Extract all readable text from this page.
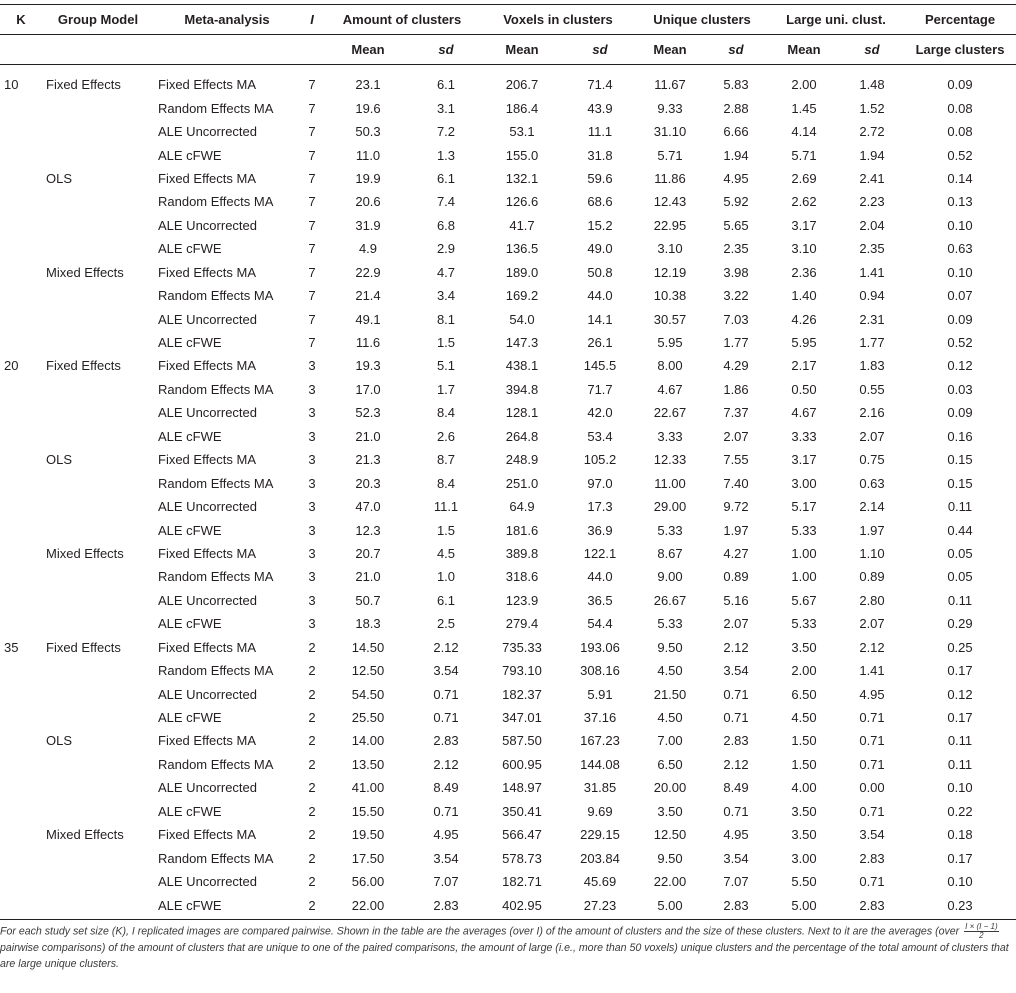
K	Group Model	Meta-analysis	I	Amount of clusters		Voxels in clusters		Unique clusters		Large uni. clust.		Percentage
				Mean	sd	Mean	sd	Mean	sd	Mean	sd	Large clusters
10	Fixed Effects	Fixed Effects MA	7	23.1	6.1	206.7	71.4	11.67	5.83	2.00	1.48	0.09
		Random Effects MA	7	19.6	3.1	186.4	43.9	9.33	2.88	1.45	1.52	0.08
		ALE Uncorrected	7	50.3	7.2	53.1	11.1	31.10	6.66	4.14	2.72	0.08
		ALE cFWE	7	11.0	1.3	155.0	31.8	5.71	1.94	5.71	1.94	0.52
	OLS	Fixed Effects MA	7	19.9	6.1	132.1	59.6	11.86	4.95	2.69	2.41	0.14
		Random Effects MA	7	20.6	7.4	126.6	68.6	12.43	5.92	2.62	2.23	0.13
		ALE Uncorrected	7	31.9	6.8	41.7	15.2	22.95	5.65	3.17	2.04	0.10
		ALE cFWE	7	4.9	2.9	136.5	49.0	3.10	2.35	3.10	2.35	0.63
	Mixed Effects	Fixed Effects MA	7	22.9	4.7	189.0	50.8	12.19	3.98	2.36	1.41	0.10
		Random Effects MA	7	21.4	3.4	169.2	44.0	10.38	3.22	1.40	0.94	0.07
		ALE Uncorrected	7	49.1	8.1	54.0	14.1	30.57	7.03	4.26	2.31	0.09
		ALE cFWE	7	11.6	1.5	147.3	26.1	5.95	1.77	5.95	1.77	0.52
20	Fixed Effects	Fixed Effects MA	3	19.3	5.1	438.1	145.5	8.00	4.29	2.17	1.83	0.12
		Random Effects MA	3	17.0	1.7	394.8	71.7	4.67	1.86	0.50	0.55	0.03
		ALE Uncorrected	3	52.3	8.4	128.1	42.0	22.67	7.37	4.67	2.16	0.09
		ALE cFWE	3	21.0	2.6	264.8	53.4	3.33	2.07	3.33	2.07	0.16
	OLS	Fixed Effects MA	3	21.3	8.7	248.9	105.2	12.33	7.55	3.17	0.75	0.15
		Random Effects MA	3	20.3	8.4	251.0	97.0	11.00	7.40	3.00	0.63	0.15
		ALE Uncorrected	3	47.0	11.1	64.9	17.3	29.00	9.72	5.17	2.14	0.11
		ALE cFWE	3	12.3	1.5	181.6	36.9	5.33	1.97	5.33	1.97	0.44
	Mixed Effects	Fixed Effects MA	3	20.7	4.5	389.8	122.1	8.67	4.27	1.00	1.10	0.05
		Random Effects MA	3	21.0	1.0	318.6	44.0	9.00	0.89	1.00	0.89	0.05
		ALE Uncorrected	3	50.7	6.1	123.9	36.5	26.67	5.16	5.67	2.80	0.11
		ALE cFWE	3	18.3	2.5	279.4	54.4	5.33	2.07	5.33	2.07	0.29
35	Fixed Effects	Fixed Effects MA	2	14.50	2.12	735.33	193.06	9.50	2.12	3.50	2.12	0.25
		Random Effects MA	2	12.50	3.54	793.10	308.16	4.50	3.54	2.00	1.41	0.17
		ALE Uncorrected	2	54.50	0.71	182.37	5.91	21.50	0.71	6.50	4.95	0.12
		ALE cFWE	2	25.50	0.71	347.01	37.16	4.50	0.71	4.50	0.71	0.17
	OLS	Fixed Effects MA	2	14.00	2.83	587.50	167.23	7.00	2.83	1.50	0.71	0.11
		Random Effects MA	2	13.50	2.12	600.95	144.08	6.50	2.12	1.50	0.71	0.11
		ALE Uncorrected	2	41.00	8.49	148.97	31.85	20.00	8.49	4.00	0.00	0.10
		ALE cFWE	2	15.50	0.71	350.41	9.69	3.50	0.71	3.50	0.71	0.22
	Mixed Effects	Fixed Effects MA	2	19.50	4.95	566.47	229.15	12.50	4.95	3.50	3.54	0.18
		Random Effects MA	2	17.50	3.54	578.73	203.84	9.50	3.54	3.00	2.83	0.17
		ALE Uncorrected	2	56.00	7.07	182.71	45.69	22.00	7.07	5.50	0.71	0.10
		ALE cFWE	2	22.00	2.83	402.95	27.23	5.00	2.83	5.00	2.83	0.23
For each study set size (K), I replicated images are compared pairwise. Shown in the table are the averages (over I) of the amount of clusters and the size of these clusters. Next to it are the averages (over $\frac{I \times (I - 1)}{2}$
pairwise comparisons) of the amount of clusters that are unique to one of the paired comparisons, the amount of large (i.e., more than 50 voxels) unique clusters and the percentage of the total amount of clusters that are large unique clusters.
